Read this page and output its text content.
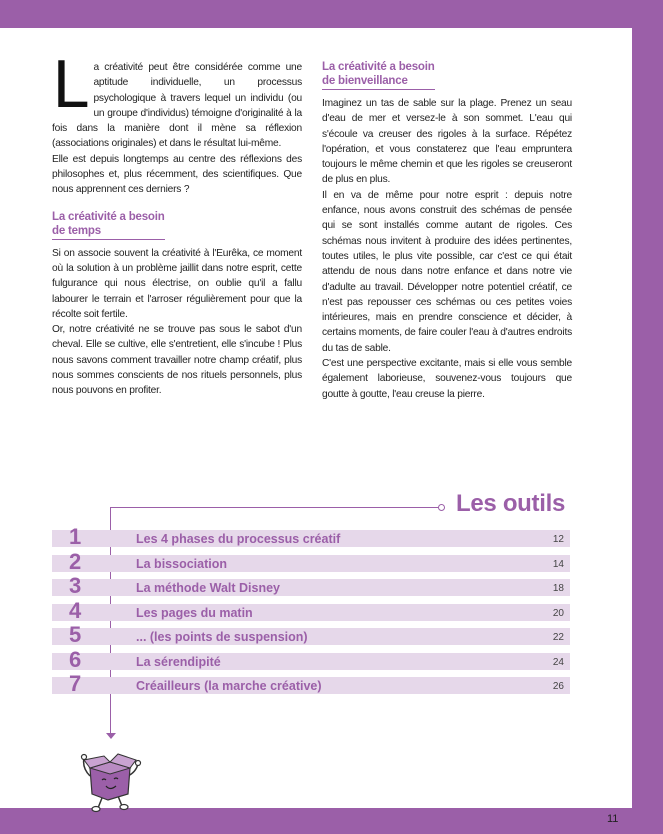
La créativité peut être considérée comme une aptitude individuelle, un processus psychologique à travers lequel un individu (ou un groupe d'individus) témoigne d'originalité à la fois dans la manière dont il mène sa réflexion (associations originales) et dans le résultat lui-même.

Elle est depuis longtemps au centre des réflexions des philosophes et, plus récemment, des scientifiques. Que nous apprennent ces derniers ?

La créativité a besoin
de temps

Si on associe souvent la créativité à l'Eurêka, ce moment où la solution à un problème jaillit dans notre esprit, cette fulgurance qui nous électrise, on oublie qu'il a fallu labourer le terrain et l'arroser régulièrement pour que la récolte soit fertile.

Or, notre créativité ne se trouve pas sous le sabot d'un cheval. Elle se cultive, elle s'entretient, elle s'incube ! Plus nous savons comment travailler notre champ créatif, plus nous sommes conscients de nos rituels personnels, plus nous pouvons en profiter.

La créativité a besoin
de bienveillance

Imaginez un tas de sable sur la plage. Prenez un seau d'eau de mer et versez-le à son sommet. L'eau qui s'écoule va creuser des rigoles à la surface. Répétez l'opération, et vous constaterez que l'eau empruntera toujours le même chemin et que les rigoles se creuseront de plus en plus.

Il en va de même pour notre esprit : depuis notre enfance, nous avons construit des schémas de pensée qui se sont installés comme autant de rigoles. Ces schémas nous invitent à produire des idées pertinentes, toutes utiles, le plus vite possible, car c'est ce qui était attendu de nous dans notre enfance et dans notre vie d'adulte au travail. Développer notre potentiel créatif, ce n'est pas repousser ces schémas ou ces petites voies intérieures, mais en prendre conscience et décider, à certains moments, de faire couler l'eau à d'autres endroits du tas de sable.

C'est une perspective excitante, mais si elle vous semble également laborieuse, souvenez-vous toujours que goutte à goutte, l'eau creuse la pierre.

Les outils
1	Les 4 phases du processus créatif	12
2	La bissociation	14
3	La méthode Walt Disney	18
4	Les pages du matin	20
5	... (les points de suspension)	22
6	La sérendipité	24
7	Créailleurs (la marche créative)	26
11
